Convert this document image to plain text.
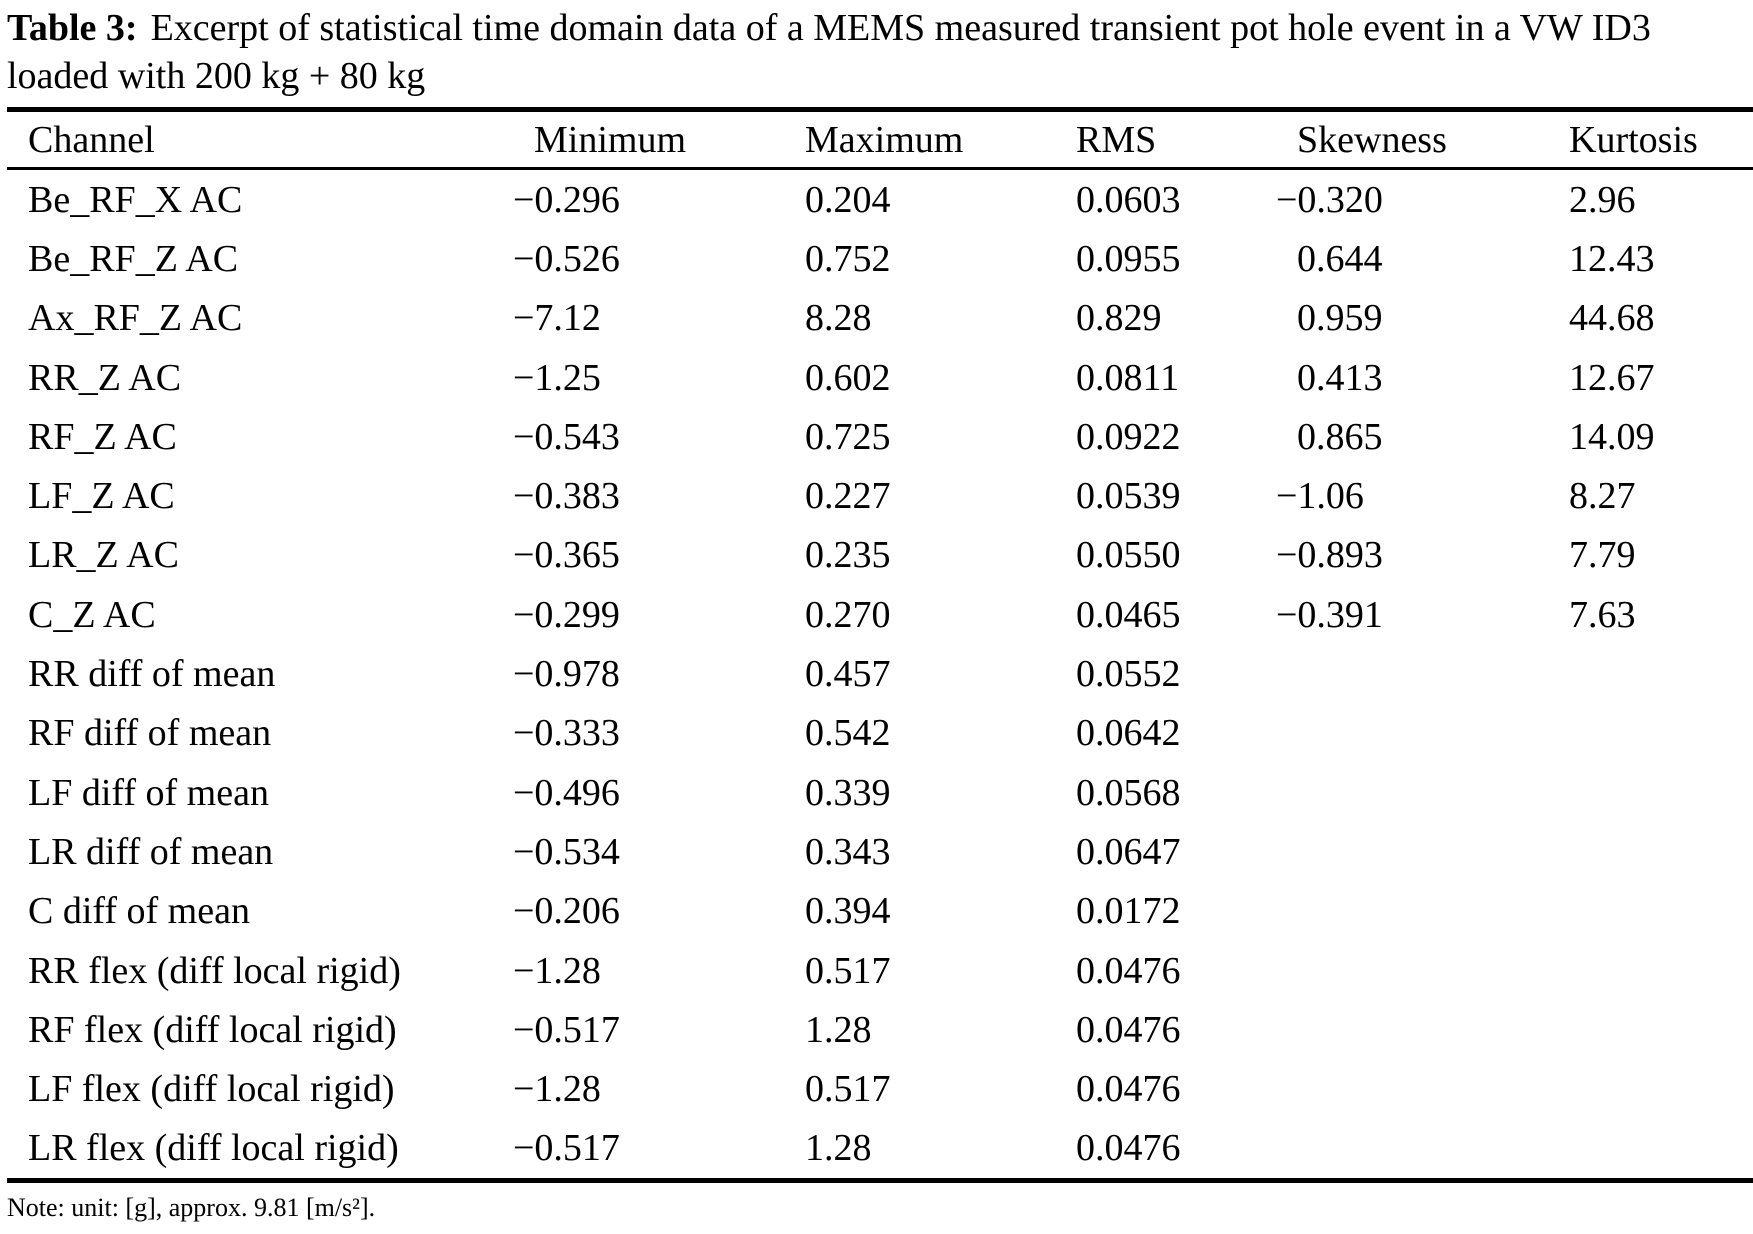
Table 3: Excerpt of statistical time domain data of a MEMS measured transient pot hole event in a VW ID3 loaded with 200 kg + 80 kg

Channel	Minimum	Maximum	RMS	Skewness	Kurtosis
Be_RF_X AC	−0.296	0.204	0.0603	−0.320	2.96
Be_RF_Z AC	−0.526	0.752	0.0955	0.644	12.43
Ax_RF_Z AC	−7.12	8.28	0.829	0.959	44.68
RR_Z AC	−1.25	0.602	0.0811	0.413	12.67
RF_Z AC	−0.543	0.725	0.0922	0.865	14.09
LF_Z AC	−0.383	0.227	0.0539	−1.06	8.27
LR_Z AC	−0.365	0.235	0.0550	−0.893	7.79
C_Z AC	−0.299	0.270	0.0465	−0.391	7.63
RR diff of mean	−0.978	0.457	0.0552		
RF diff of mean	−0.333	0.542	0.0642		
LF diff of mean	−0.496	0.339	0.0568		
LR diff of mean	−0.534	0.343	0.0647		
C diff of mean	−0.206	0.394	0.0172		
RR flex (diff local rigid)	−1.28	0.517	0.0476		
RF flex (diff local rigid)	−0.517	1.28	0.0476		
LF flex (diff local rigid)	−1.28	0.517	0.0476		
LR flex (diff local rigid)	−0.517	1.28	0.0476		

Note: unit: [g], approx. 9.81 [m/s²].
